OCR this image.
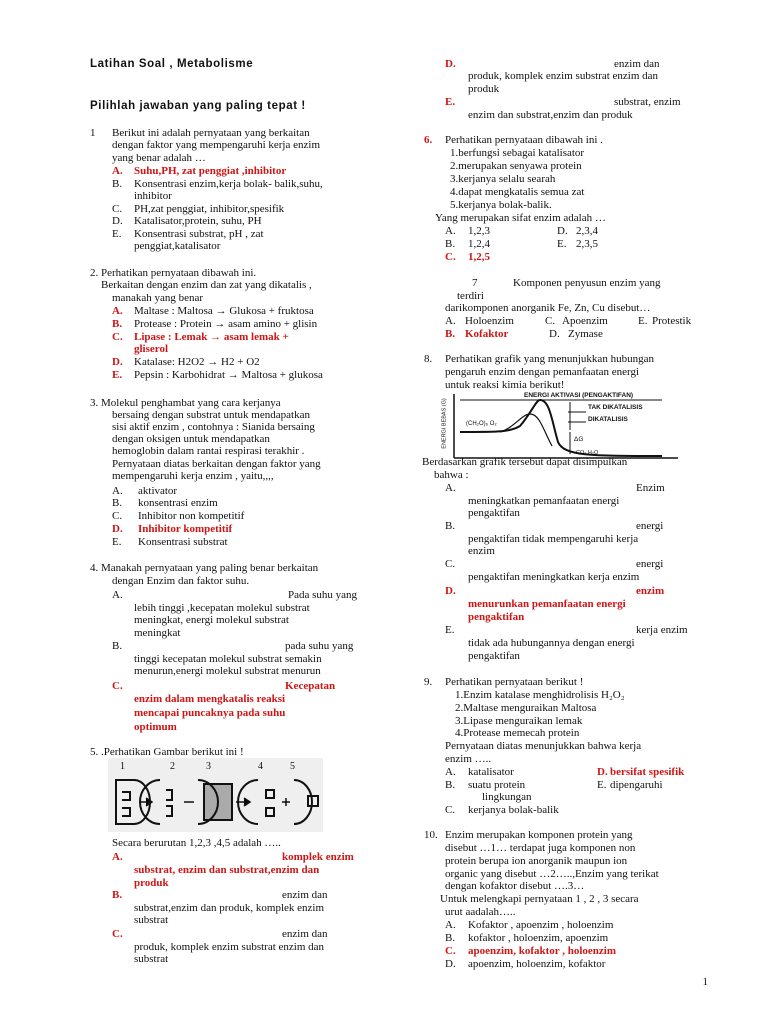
Latihan Soal , Metabolisme
Pilihlah jawaban yang paling tepat !
1 Berikut ini adalah pernyataan yang berkaitan
dengan faktor yang mempengaruhi kerja enzim
yang benar adalah …
A. Suhu,PH, zat penggiat ,inhibitor
B. Konsentrasi enzim,kerja bolak- balik,suhu,
inhibitor
C. PH,zat penggiat, inhibitor,spesifik
D. Katalisator,protein, suhu, PH
E. Konsentrasi substrat, pH , zat
penggiat,katalisator
2. Perhatikan pernyataan dibawah ini.
Berkaitan dengan enzim dan zat yang dikatalis ,
manakah yang benar
A. Maltase : Maltosa → Glukosa + fruktosa
B. Protease : Protein → asam amino + glisin
C. Lipase : Lemak → asam lemak +
gliserol
D. Katalase: H2O2 → H2 + O2
E. Pepsin : Karbohidrat → Maltosa + glukosa
3. Molekul penghambat yang cara kerjanya
bersaing dengan substrat untuk mendapatkan
sisi aktif enzim , contohnya : Sianida bersaing
dengan oksigen untuk mendapatkan
hemoglobin dalam rantai respirasi terakhir .
Pernyataan diatas berkaitan dengan faktor yang
mempengaruhi kerja enzim , yaitu,,,,
A. aktivator
B. konsentrasi enzim
C. Inhibitor non kompetitif
D. Inhibitor kompetitif
E. Konsentrasi substrat
4. Manakah pernyataan yang paling benar berkaitan
dengan Enzim dan faktor suhu.
A.	Pada suhu yang
lebih tinggi ,kecepatan molekul substrat
meningkat, energi molekul substrat
meningkat
B.	pada suhu yang
tinggi kecepatan molekul substrat semakin
menurun,energi molekul substrat menurun
C.	Kecepatan
enzim dalam mengkatalis reaksi
mencapai puncaknya pada suhu
optimum
5. .Perhatikan Gambar berikut ini !
1	2	3	4	5
Secara berurutan 1,2,3 ,4,5 adalah …..
A.	komplek enzim
substrat, enzim dan substrat,enzim dan
produk
B.	enzim dan
substrat,enzim dan produk, komplek enzim
substrat
C.	enzim dan
produk, komplek enzim substrat enzim dan
substrat
D.	enzim dan
produk, komplek enzim substrat enzim dan
produk
E.	substrat, enzim
enzim dan substrat,enzim dan produk
6. Perhatikan pernyataan dibawah ini .
1.berfungsi sebagai katalisator
2.merupakan senyawa protein
3.kerjanya selalu searah
4.dapat mengkatalis semua zat
5.kerjanya bolak-balik.
Yang merupakan sifat enzim adalah …
A. 1,2,3	D. 2,3,4
B. 1,2,4	E. 2,3,5
C. 1,2,5
7	Komponen penyusun enzim yang
terdiri
darikomponen anorganik Fe, Zn, Cu disebut…
A. Holoenzim	C. Apoenzim	E. Protestik
B. Kofaktor	D. Zymase
8. Perhatikan grafik yang menunjukkan hubungan
pengaruh enzim dengan pemanfaatan energi
untuk reaksi kimia berikut!
ENERGI AKTIVASI (PENGAKTIFAN)
TAK DIKATALISIS
DIKATALISIS
ΔG
(CH₂O)₆ O₂
CO₂ H₂O
ENERGI BEBAS (G)
Berdasarkan grafik tersebut dapat disimpulkan
bahwa :
A.	Enzim
meningkatkan pemanfaatan energi
pengaktifan
B.	energi
pengaktifan tidak mempengaruhi kerja
enzim
C.	energi
pengaktifan meningkatkan kerja enzim
D.	enzim
menurunkan pemanfaatan energi
pengaktifan
E.	kerja enzim
tidak ada hubungannya dengan energi
pengaktifan
9. Perhatikan pernyataan berikut !
1.Enzim katalase menghidrolisis H₂O₂
2.Maltase menguraikan Maltosa
3.Lipase menguraikan lemak
4.Protease memecah protein
Pernyataan diatas menunjukkan bahwa kerja
enzim …..
A. katalisator	D. bersifat spesifik
B. suatu protein	E. dipengaruhi
lingkungan
C. kerjanya bolak-balik
10. Enzim merupakan komponen protein yang
disebut …1… terdapat juga komponen non
protein berupa ion anorganik maupun ion
organic yang disebut …2…..,Enzim yang terikat
dengan kofaktor disebut ….3…
Untuk melengkapi pernyataan 1 , 2 , 3 secara
urut aadalah…..
A. Kofaktor , apoenzim , holoenzim
B. kofaktor , holoenzim, apoenzim
C. apoenzim, kofaktor , holoenzim
D. apoenzim, holoenzim, kofaktor
1
